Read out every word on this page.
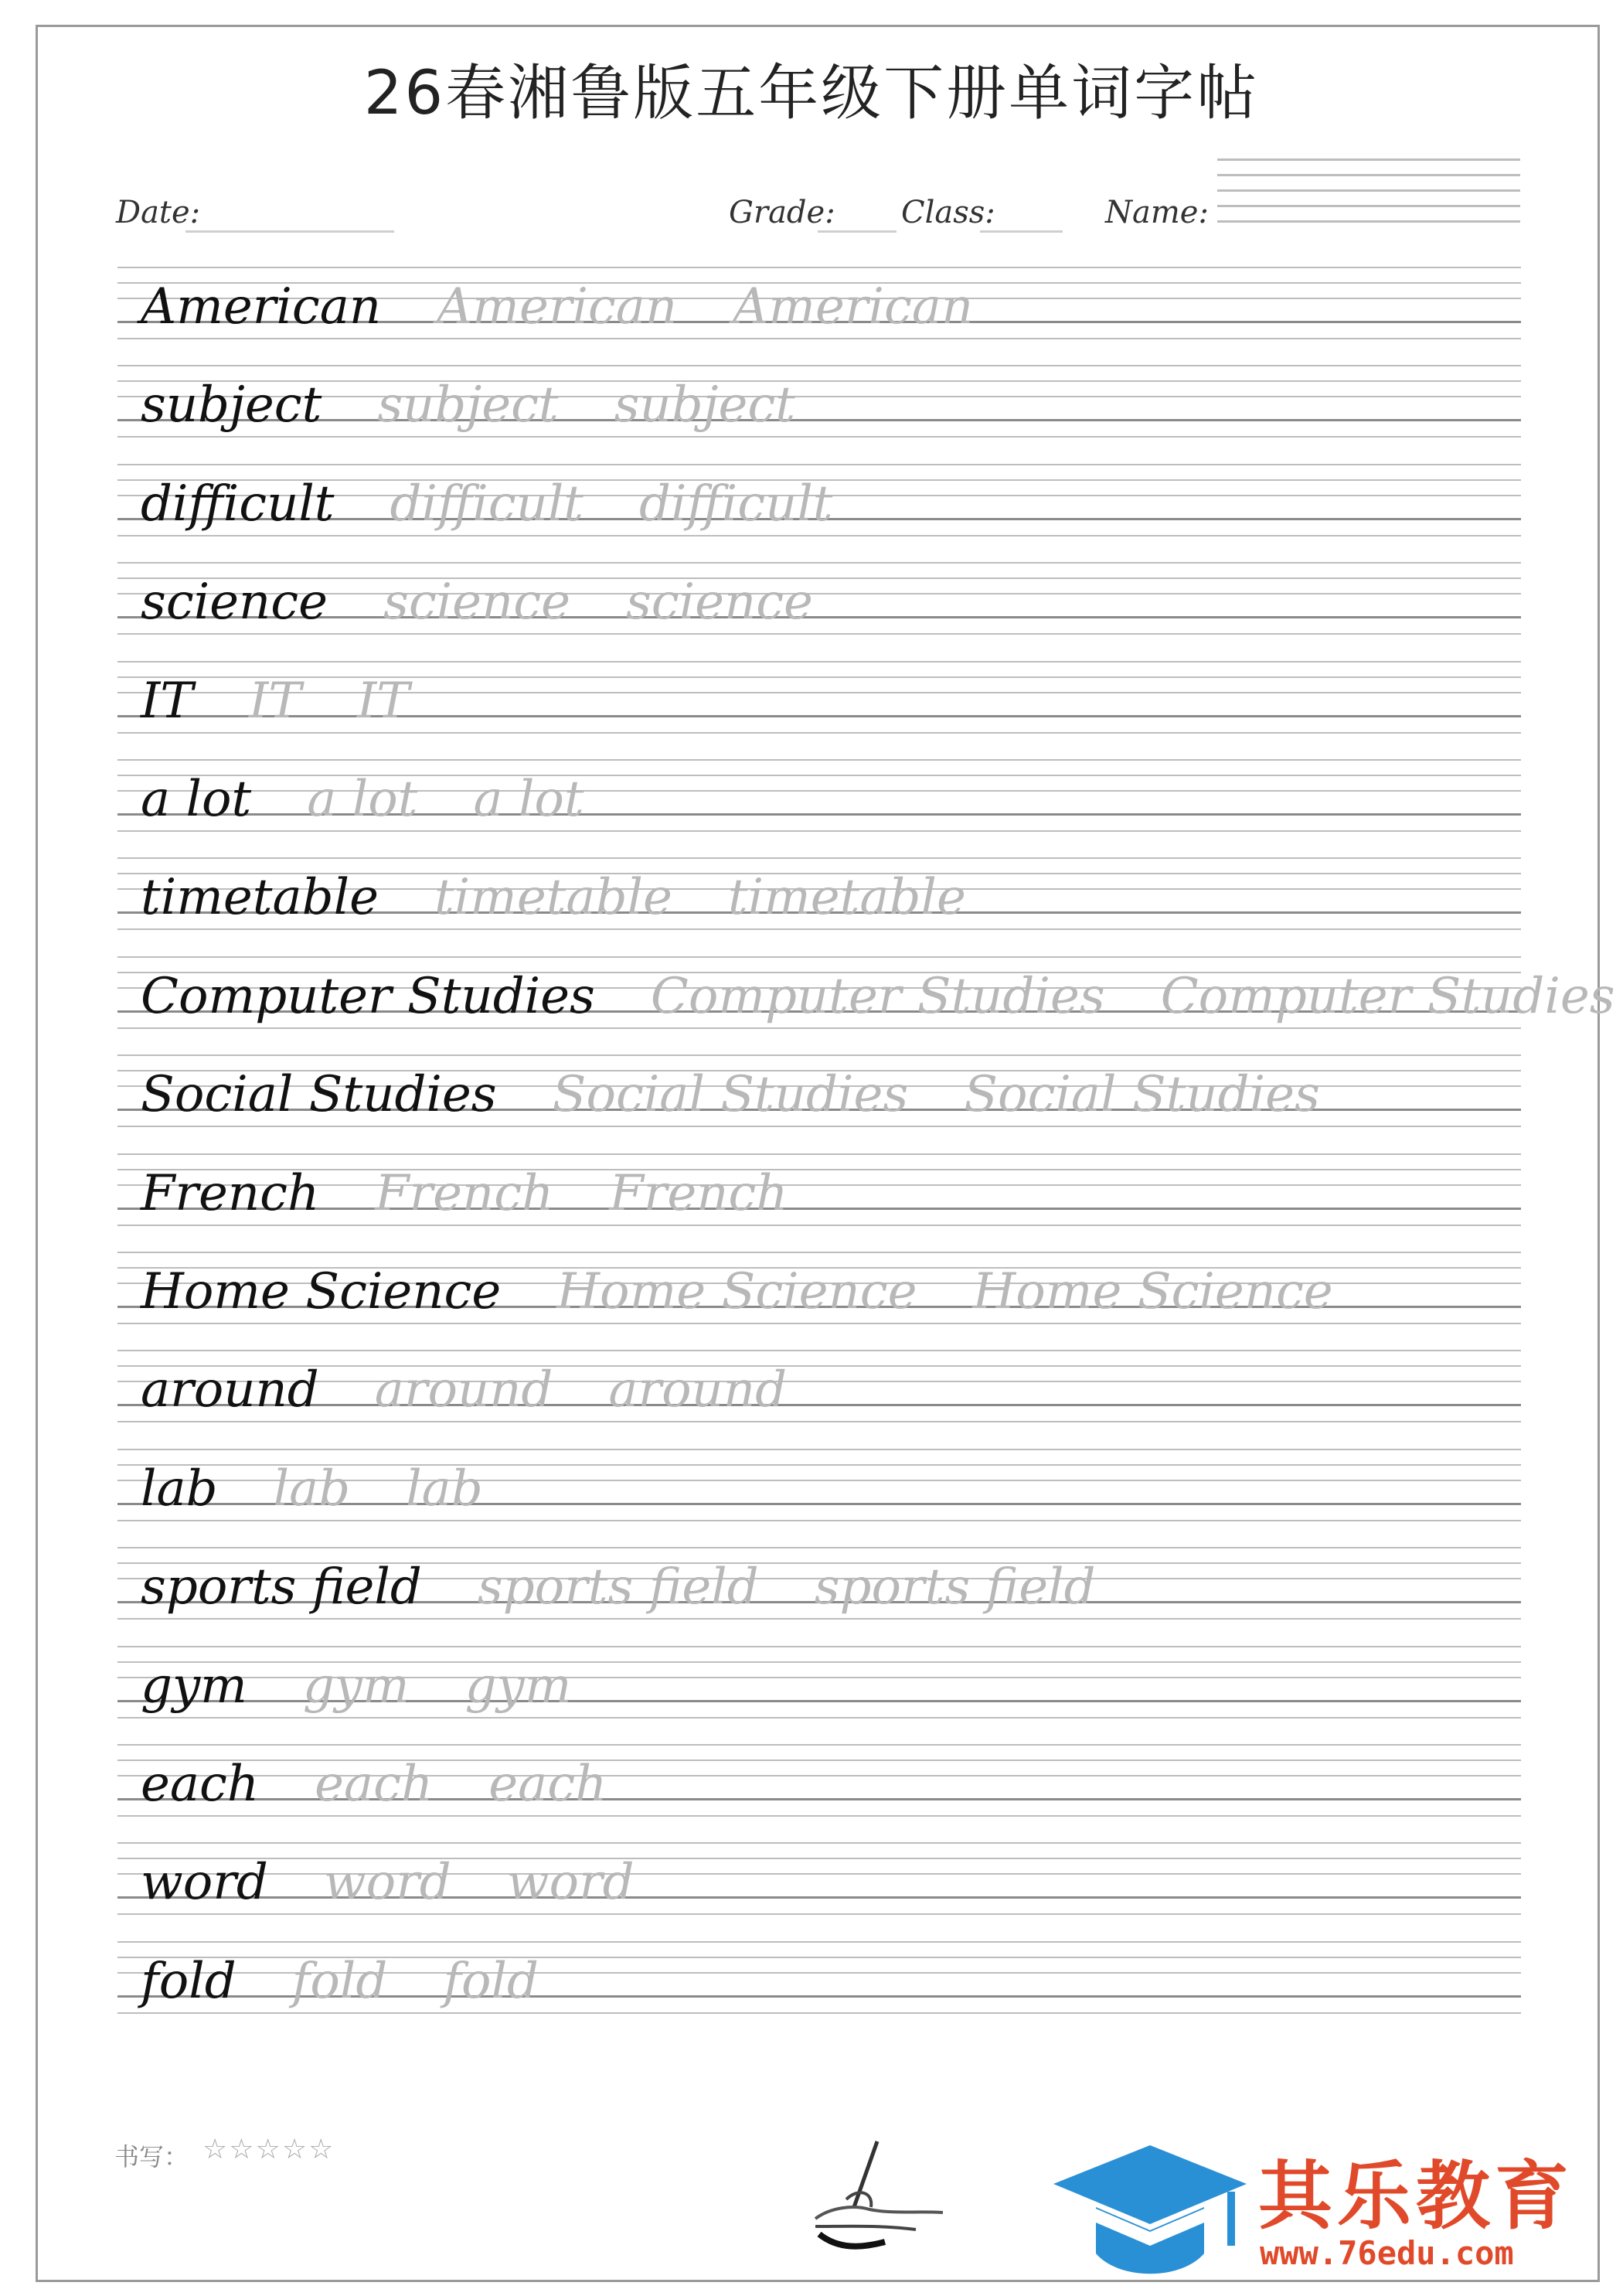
26春湘鲁版五年级下册单词字帖
Date:	Grade: Class:	Name:
American American American
subject subject subject
difficult difficult difficult
science science science
IT IT IT
a lot a lot a lot
timetable timetable timetable
Computer Studies Computer Studies Computer Studies
Social Studies Social Studies Social Studies
French French French
Home Science Home Science Home Science
around around around
lab lab lab
sports field sports field sports field
gym gym gym
each each each
word word word
fold fold fold
书写： ☆☆☆☆☆
其乐教育
www.76edu.com
